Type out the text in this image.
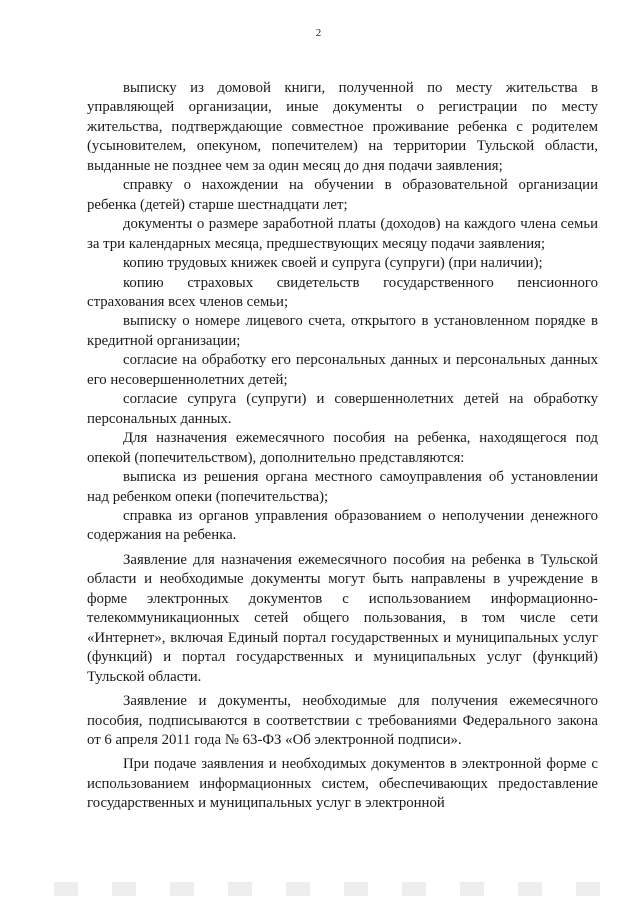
2

выписку из домовой книги, полученной по месту жительства в управляющей организации, иные документы о регистрации по месту жительства, подтверждающие совместное проживание ребенка с родителем (усыновителем, опекуном, попечителем) на территории Тульской области, выданные не позднее чем за один месяц до дня подачи заявления;

справку о нахождении на обучении в образовательной организации ребенка (детей) старше шестнадцати лет;

документы о размере заработной платы (доходов) на каждого члена семьи за три календарных месяца, предшествующих месяцу подачи заявления;

копию трудовых книжек своей и супруга (супруги) (при наличии);

копию страховых свидетельств государственного пенсионного страхования всех членов семьи;

выписку о номере лицевого счета, открытого в установленном порядке в кредитной организации;

согласие на обработку его персональных данных и персональных данных его несовершеннолетних детей;

согласие супруга (супруги) и совершеннолетних детей на обработку персональных данных.

Для назначения ежемесячного пособия на ребенка, находящегося под опекой (попечительством), дополнительно представляются:

выписка из решения органа местного самоуправления об установлении над ребенком опеки (попечительства);

справка из органов управления образованием о неполучении денежного содержания на ребенка.

Заявление для назначения ежемесячного пособия на ребенка в Тульской области и необходимые документы могут быть направлены в учреждение в форме электронных документов с использованием информационно-телекоммуникационных сетей общего пользования, в том числе сети «Интернет», включая Единый портал государственных и муниципальных услуг (функций) и портал государственных и муниципальных услуг (функций) Тульской области.

Заявление и документы, необходимые для получения ежемесячного пособия, подписываются в соответствии с требованиями Федерального закона от 6 апреля 2011 года № 63-ФЗ «Об электронной подписи».

При подаче заявления и необходимых документов в электронной форме с использованием информационных систем, обеспечивающих предоставление государственных и муниципальных услуг в электронной
